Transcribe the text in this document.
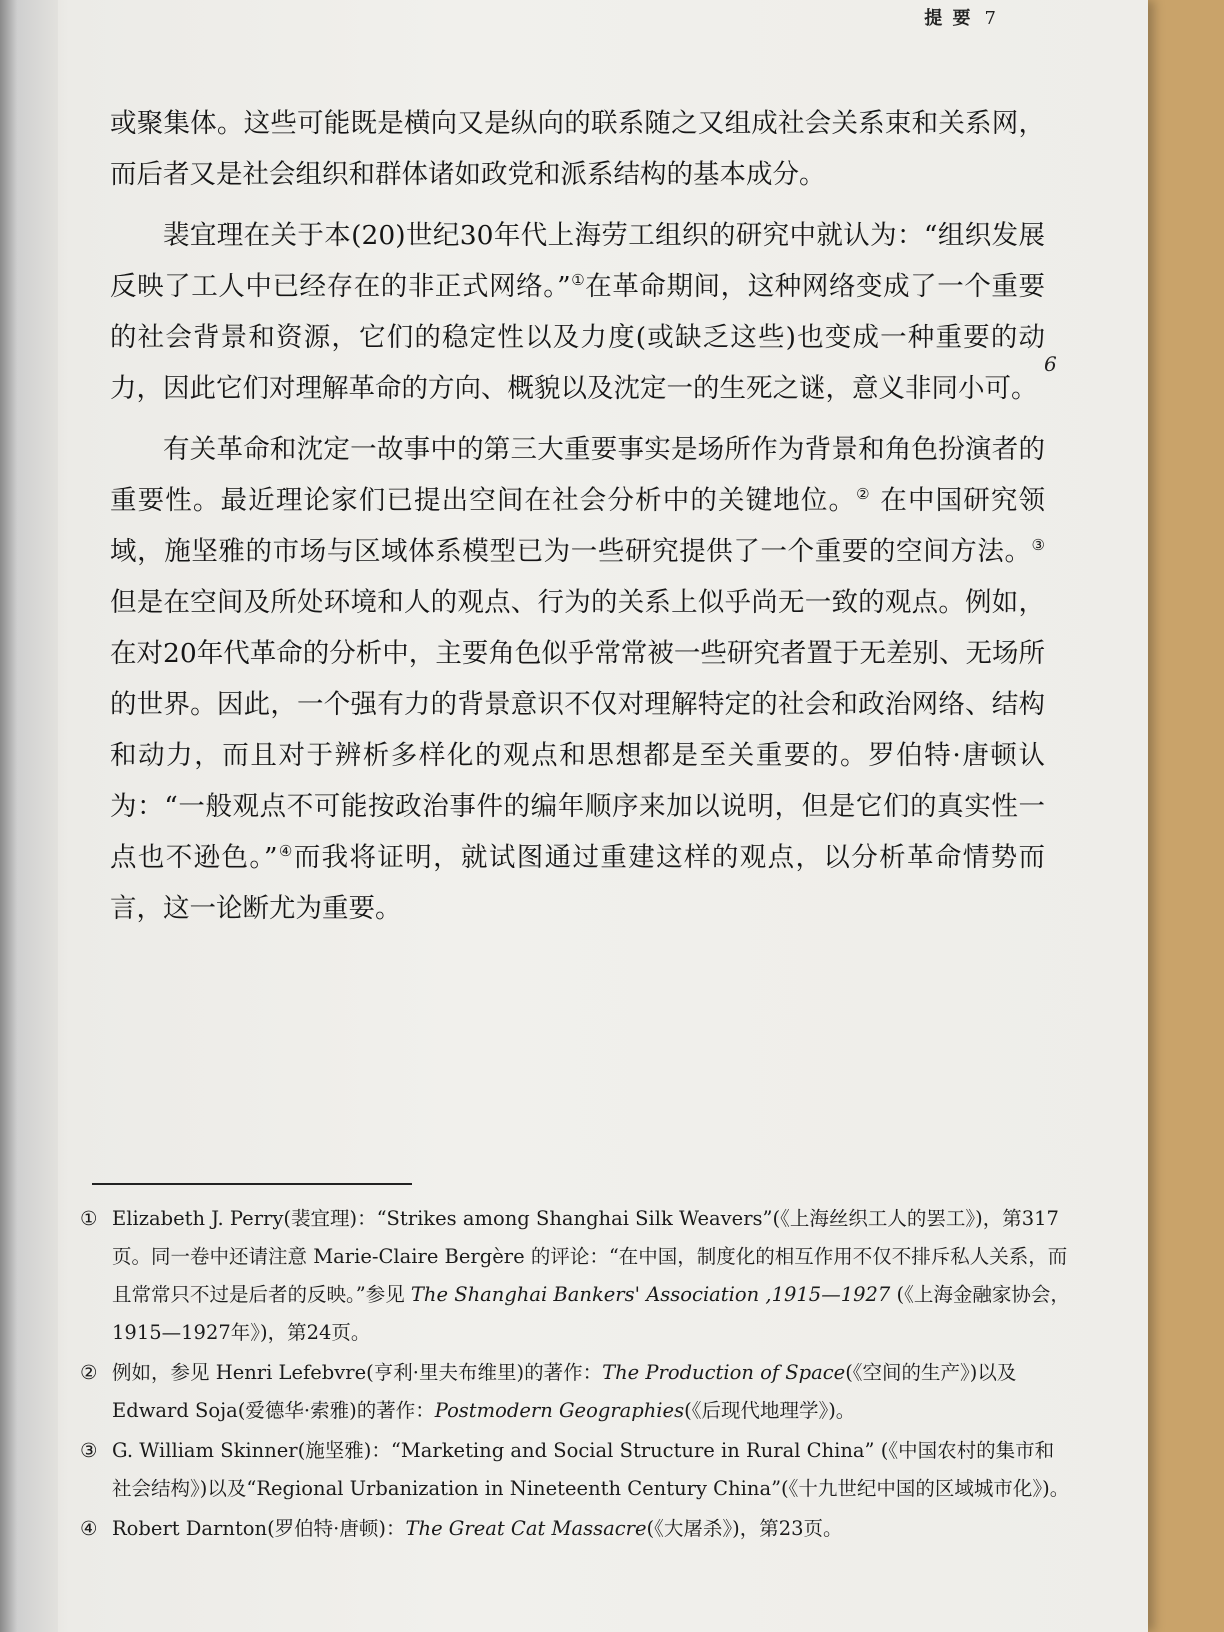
提 要 7
6

或聚集体。这些可能既是横向又是纵向的联系随之又组成社会关系束和关系网，而后者又是社会组织和群体诸如政党和派系结构的基本成分。

裴宜理在关于本(20)世纪30年代上海劳工组织的研究中就认为：“组织发展反映了工人中已经存在的非正式网络。”①在革命期间，这种网络变成了一个重要的社会背景和资源，它们的稳定性以及力度(或缺乏这些)也变成一种重要的动力，因此它们对理解革命的方向、概貌以及沈定一的生死之谜，意义非同小可。

有关革命和沈定一故事中的第三大重要事实是场所作为背景和角色扮演者的重要性。最近理论家们已提出空间在社会分析中的关键地位。② 在中国研究领域，施坚雅的市场与区域体系模型已为一些研究提供了一个重要的空间方法。③ 但是在空间及所处环境和人的观点、行为的关系上似乎尚无一致的观点。例如，在对20年代革命的分析中，主要角色似乎常常被一些研究者置于无差别、无场所的世界。因此，一个强有力的背景意识不仅对理解特定的社会和政治网络、结构和动力，而且对于辨析多样化的观点和思想都是至关重要的。罗伯特·唐顿认为：“一般观点不可能按政治事件的编年顺序来加以说明，但是它们的真实性一点也不逊色。”④而我将证明，就试图通过重建这样的观点，以分析革命情势而言，这一论断尤为重要。

① Elizabeth J. Perry(裴宜理)：“Strikes among Shanghai Silk Weavers”(《上海丝织工人的罢工》)，第317页。同一卷中还请注意 Marie-Claire Bergère 的评论：“在中国，制度化的相互作用不仅不排斥私人关系，而且常常只不过是后者的反映。”参见 The Shanghai Bankers' Association ,1915—1927 (《上海金融家协会，1915—1927年》)，第24页。
② 例如，参见 Henri Lefebvre(亨利·里夫布维里)的著作：The Production of Space(《空间的生产》)以及 Edward Soja(爱德华·索雅)的著作：Postmodern Geographies(《后现代地理学》)。
③ G. William Skinner(施坚雅)：“Marketing and Social Structure in Rural China” (《中国农村的集市和社会结构》)以及“Regional Urbanization in Nineteenth Century China”(《十九世纪中国的区域城市化》)。
④ Robert Darnton(罗伯特·唐顿)：The Great Cat Massacre(《大屠杀》)，第23页。
